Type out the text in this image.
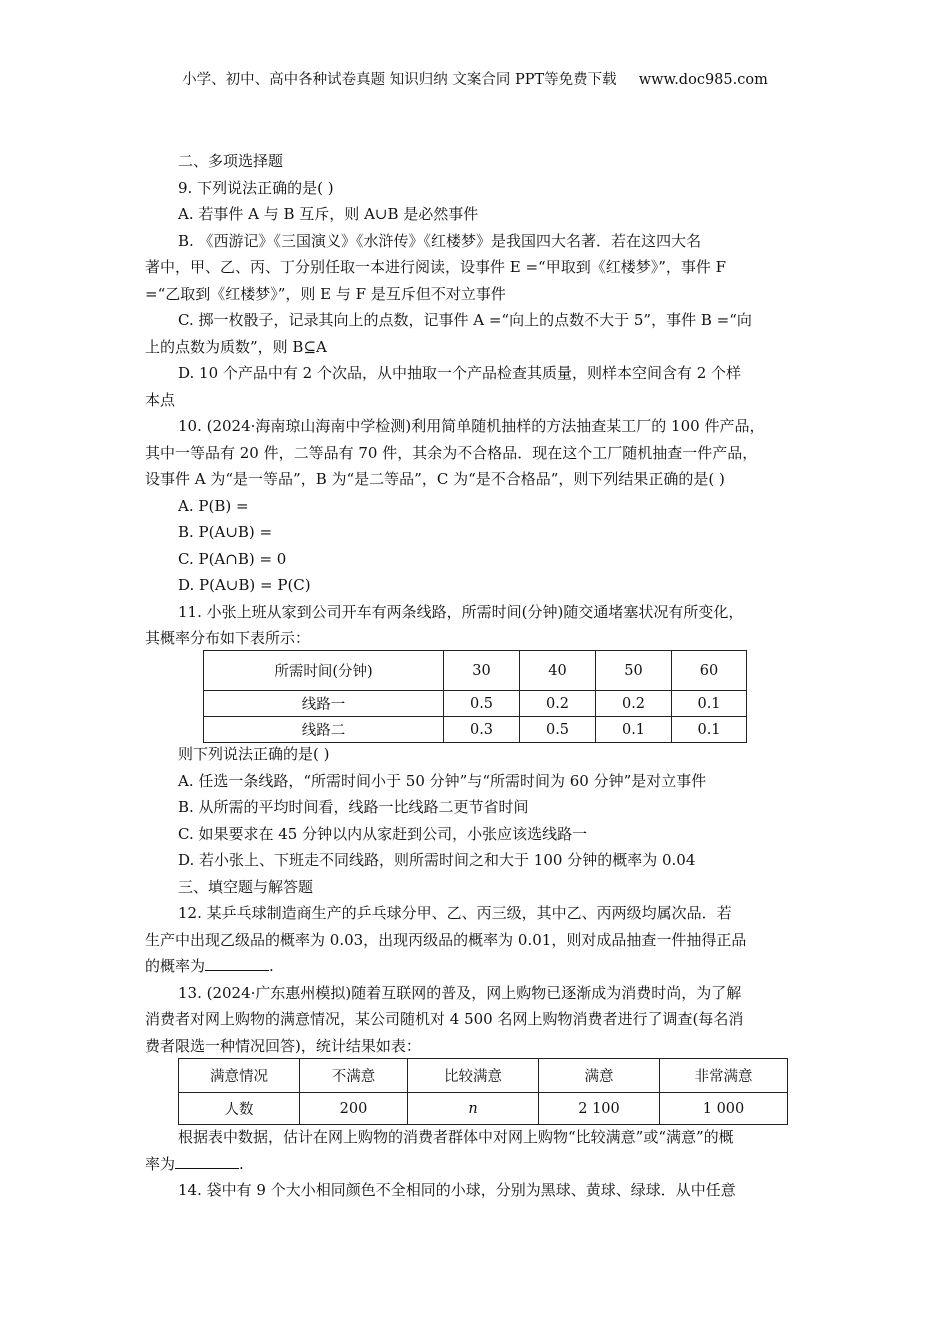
小学、初中、高中各种试卷真题 知识归纳 文案合同 PPT等免费下载 www.doc985.com
二、多项选择题
9. 下列说法正确的是( )
A. 若事件 A 与 B 互斥，则 A∪B 是必然事件
B. 《西游记》《三国演义》《水浒传》《红楼梦》是我国四大名著．若在这四大名
著中，甲、乙、丙、丁分别任取一本进行阅读，设事件 E =“甲取到《红楼梦》”，事件 F
=“乙取到《红楼梦》”，则 E 与 F 是互斥但不对立事件
C. 掷一枚骰子，记录其向上的点数，记事件 A =“向上的点数不大于 5”，事件 B =“向
上的点数为质数”，则 B⊆A
D. 10 个产品中有 2 个次品，从中抽取一个产品检查其质量，则样本空间含有 2 个样
本点
10. (2024·海南琼山海南中学检测)利用简单随机抽样的方法抽查某工厂的 100 件产品，
其中一等品有 20 件，二等品有 70 件，其余为不合格品．现在这个工厂随机抽查一件产品，
设事件 A 为“是一等品”，B 为“是二等品”，C 为“是不合格品”，则下列结果正确的是( )
A. P(B) =
B. P(A∪B) =
C. P(A∩B) = 0
D. P(A∪B) = P(C)
11. 小张上班从家到公司开车有两条线路，所需时间(分钟)随交通堵塞状况有所变化，
其概率分布如下表所示：
所需时间(分钟)	30	40	50	60
线路一	0.5	0.2	0.2	0.1
线路二	0.3	0.5	0.1	0.1
则下列说法正确的是( )
A. 任选一条线路，“所需时间小于 50 分钟”与“所需时间为 60 分钟”是对立事件
B. 从所需的平均时间看，线路一比线路二更节省时间
C. 如果要求在 45 分钟以内从家赶到公司，小张应该选线路一
D. 若小张上、下班走不同线路，则所需时间之和大于 100 分钟的概率为 0.04
三、填空题与解答题
12. 某乒乓球制造商生产的乒乓球分甲、乙、丙三级，其中乙、丙两级均属次品．若
生产中出现乙级品的概率为 0.03，出现丙级品的概率为 0.01，则对成品抽查一件抽得正品
的概率为	.
13. (2024·广东惠州模拟)随着互联网的普及，网上购物已逐渐成为消费时尚，为了解
消费者对网上购物的满意情况，某公司随机对 4 500 名网上购物消费者进行了调查(每名消
费者限选一种情况回答)，统计结果如表：
满意情况	不满意	比较满意	满意	非常满意
人数	200	n	2 100	1 000
根据表中数据，估计在网上购物的消费者群体中对网上购物“比较满意”或“满意”的概
率为	.
14. 袋中有 9 个大小相同颜色不全相同的小球，分别为黑球、黄球、绿球．从中任意
